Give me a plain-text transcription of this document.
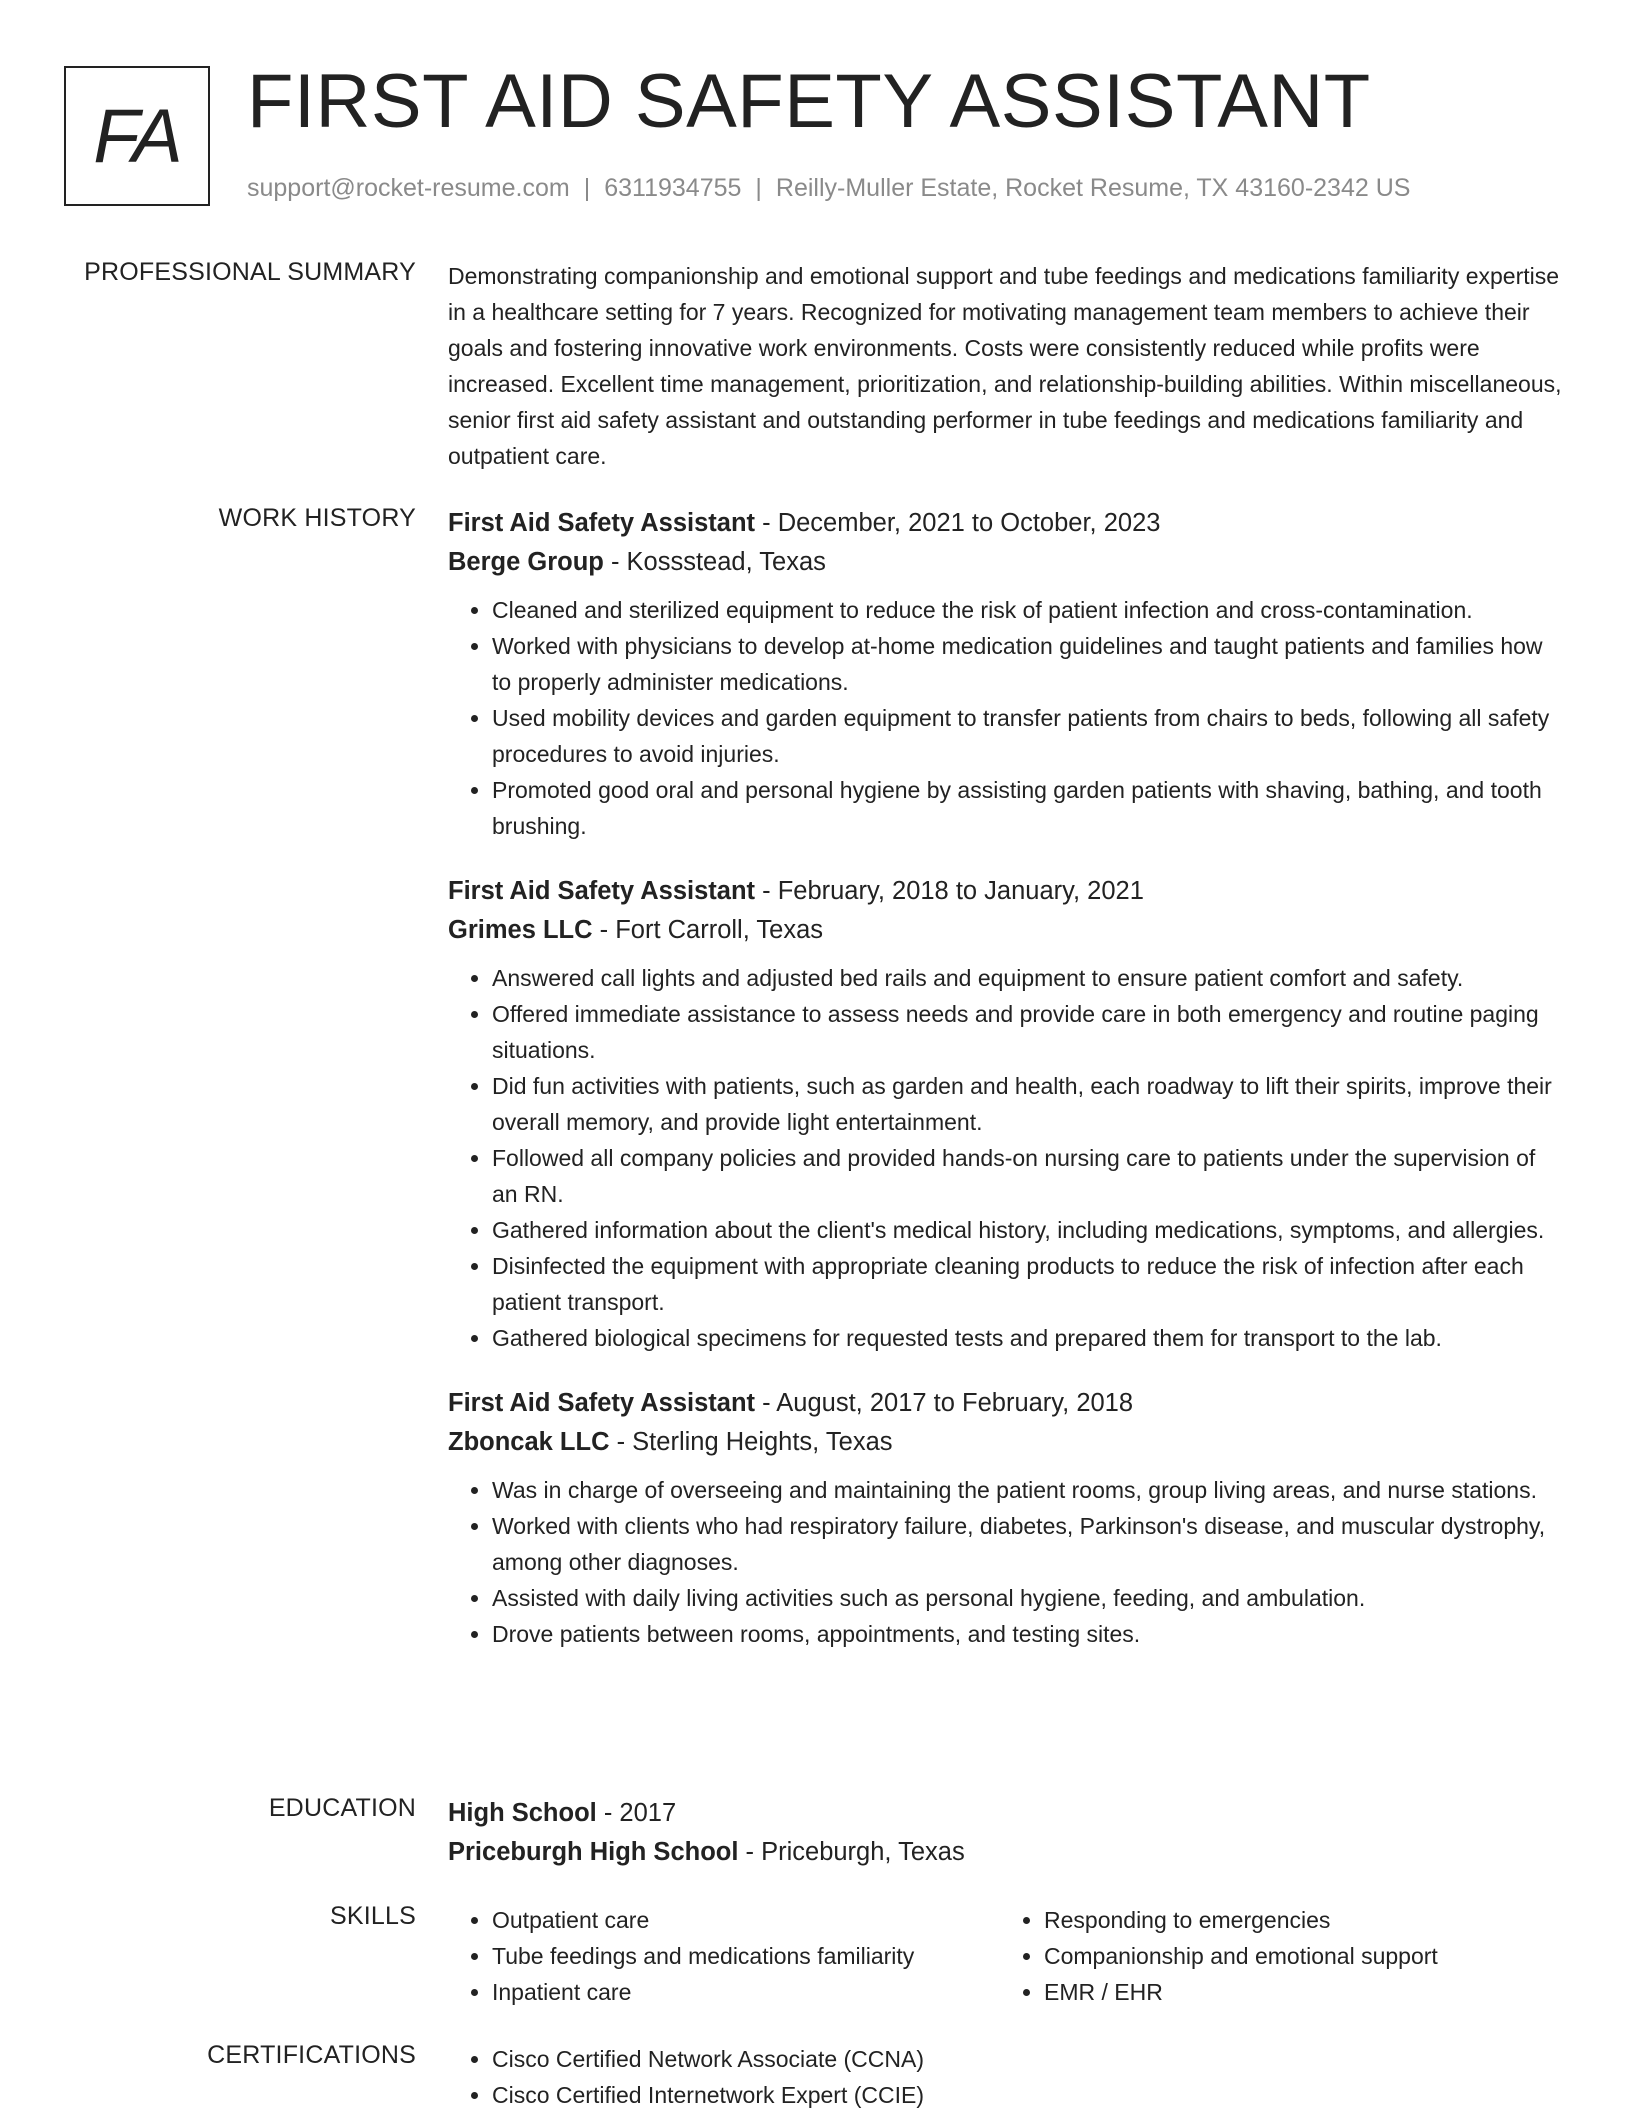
FA FIRST AID SAFETY ASSISTANT
support@rocket-resume.com | 6311934755 | Reilly-Muller Estate, Rocket Resume, TX 43160-2342 US
PROFESSIONAL SUMMARY Demonstrating companionship and emotional support and tube feedings and medications familiarity expertise in a healthcare setting for 7 years. Recognized for motivating management team members to achieve their goals and fostering innovative work environments. Costs were consistently reduced while profits were increased. Excellent time management, prioritization, and relationship-building abilities. Within miscellaneous, senior first aid safety assistant and outstanding performer in tube feedings and medications familiarity and outpatient care.

WORK HISTORY First Aid Safety Assistant - December, 2021 to October, 2023
Berge Group - Kossstead, Texas
• Cleaned and sterilized equipment to reduce the risk of patient infection and cross-contamination.
• Worked with physicians to develop at-home medication guidelines and taught patients and families how to properly administer medications.
• Used mobility devices and garden equipment to transfer patients from chairs to beds, following all safety procedures to avoid injuries.
• Promoted good oral and personal hygiene by assisting garden patients with shaving, bathing, and tooth brushing.
First Aid Safety Assistant - February, 2018 to January, 2021
Grimes LLC - Fort Carroll, Texas
• Answered call lights and adjusted bed rails and equipment to ensure patient comfort and safety.
• Offered immediate assistance to assess needs and provide care in both emergency and routine paging situations.
• Did fun activities with patients, such as garden and health, each roadway to lift their spirits, improve their overall memory, and provide light entertainment.
• Followed all company policies and provided hands-on nursing care to patients under the supervision of an RN.
• Gathered information about the client's medical history, including medications, symptoms, and allergies.
• Disinfected the equipment with appropriate cleaning products to reduce the risk of infection after each patient transport.
• Gathered biological specimens for requested tests and prepared them for transport to the lab.
First Aid Safety Assistant - August, 2017 to February, 2018
Zboncak LLC - Sterling Heights, Texas
• Was in charge of overseeing and maintaining the patient rooms, group living areas, and nurse stations.
• Worked with clients who had respiratory failure, diabetes, Parkinson's disease, and muscular dystrophy, among other diagnoses.
• Assisted with daily living activities such as personal hygiene, feeding, and ambulation.
• Drove patients between rooms, appointments, and testing sites.
EDUCATION High School - 2017
Priceburgh High School - Priceburgh, Texas
SKILLS	• Outpatient care
• Tube feedings and medications familiarity
• Inpatient care
• Responding to emergencies
• Companionship and emotional support
• EMR / EHR
CERTIFICATIONS	• Cisco Certified Network Associate (CCNA)
• Cisco Certified Internetwork Expert (CCIE)
